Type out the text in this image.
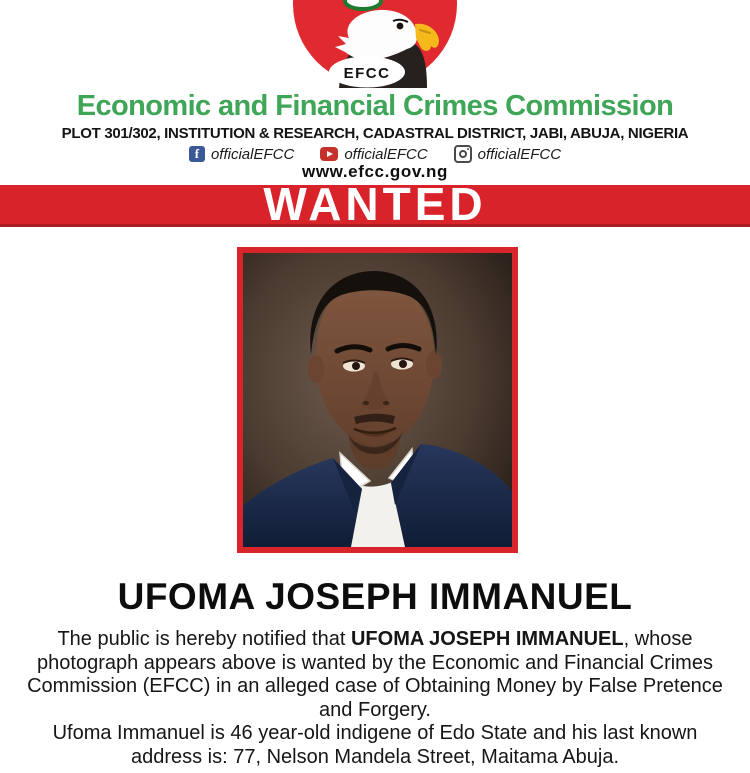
EFCC
Economic and Financial Crimes Commission
PLOT 301/302, INSTITUTION & RESEARCH, CADASTRAL DISTRICT, JABI, ABUJA, NIGERIA
f officialEFCC	officialEFCC	officialEFCC
www.efcc.gov.ng
WANTED
UFOMA JOSEPH IMMANUEL

The public is hereby notified that UFOMA JOSEPH IMMANUEL, whose photograph appears above is wanted by the Economic and Financial Crimes Commission (EFCC) in an alleged case of Obtaining Money by False Pretence and Forgery.

Ufoma Immanuel is 46 year-old indigene of Edo State and his last known address is: 77, Nelson Mandela Street, Maitama Abuja.
